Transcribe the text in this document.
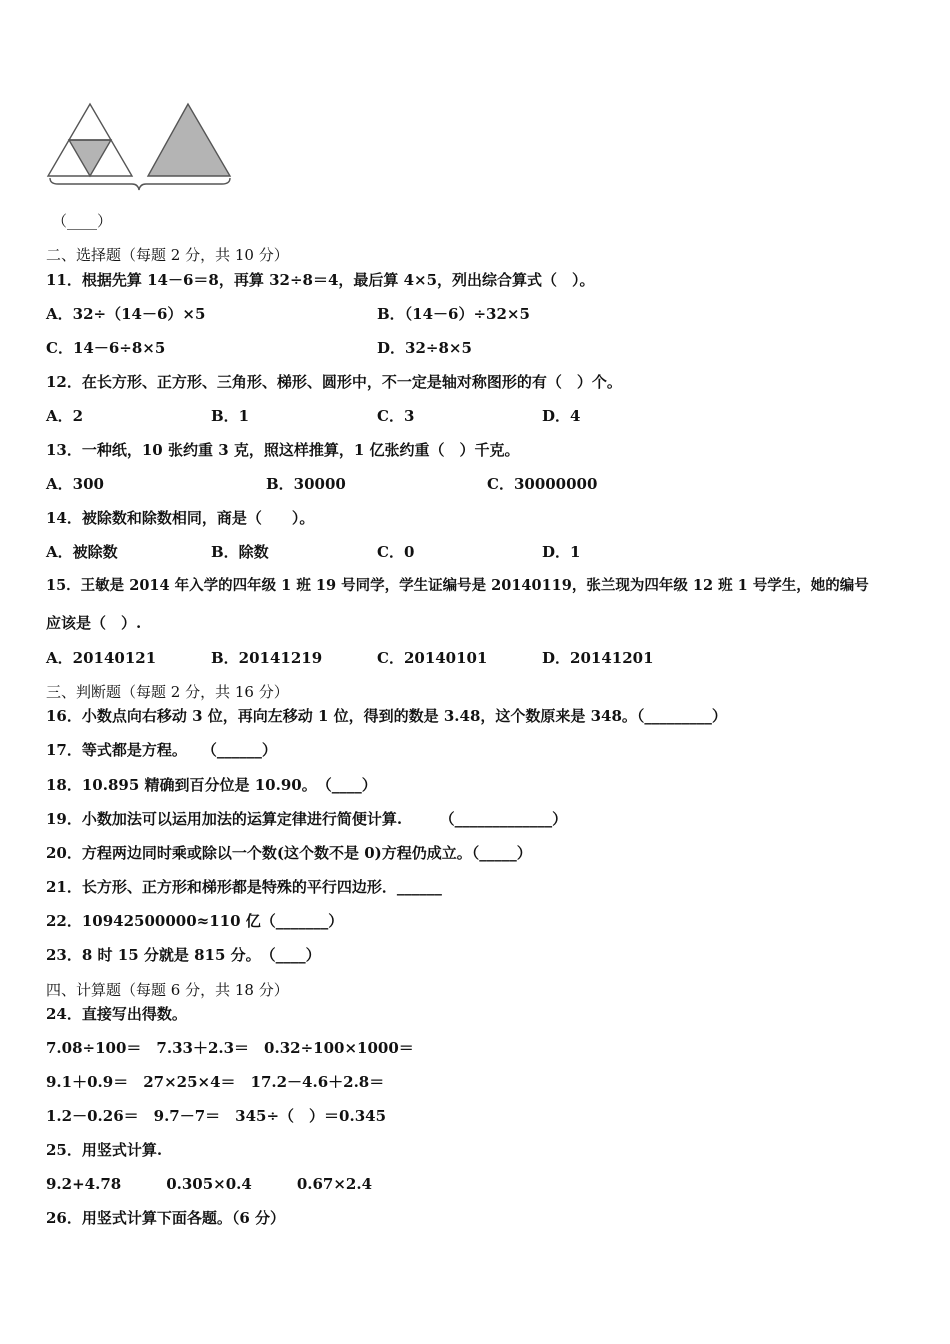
（____）
二、选择题（每题 2 分，共 10 分）
11．根据先算 14－6＝8，再算 32÷8＝4，最后算 4×5，列出综合算式（　）。
A．32÷（14－6）×5	B．（14－6）÷32×5
C．14－6÷8×5	D．32÷8×5
12．在长方形、正方形、三角形、梯形、圆形中，不一定是轴对称图形的有（　）个。
A．2	B．1	C．3	D．4
13．一种纸，10 张约重 3 克，照这样推算，1 亿张约重（　）千克。
A．300	B．30000	C．30000000
14．被除数和除数相同，商是（　　）。
A．被除数	B．除数	C．0	D．1
15．王敏是 2014 年入学的四年级 1 班 19 号同学，学生证编号是 20140119，张兰现为四年级 12 班 1 号学生，她的编号
应该是（　）.
A．20140121	B．20141219	C．20140101	D．20141201
三、判断题（每题 2 分，共 16 分）
16．小数点向右移动 3 位，再向左移动 1 位，得到的数是 3.48，这个数原来是 348。（_________）
17．等式都是方程。　　（______）
18．10.895 精确到百分位是 10.90。　（____）
19．小数加法可以运用加法的运算定律进行简便计算.　　　（_____________）
20．方程两边同时乘或除以一个数(这个数不是 0)方程仍成立。（_____）
21．长方形、正方形和梯形都是特殊的平行四边形．______
22．10942500000≈110 亿（_______）
23．8 时 15 分就是 815 分。　（____）
四、计算题（每题 6 分，共 18 分）
24．直接写出得数。
7.08÷100＝　7.33＋2.3＝　0.32÷100×1000＝
9.1＋0.9＝　27×25×4＝　17.2－4.6＋2.8＝
1.2－0.26＝　9.7－7＝　345÷（　）＝0.345
25．用竖式计算.
9.2+4.78　　　0.305×0.4　　　0.67×2.4
26．用竖式计算下面各题。（6 分）
